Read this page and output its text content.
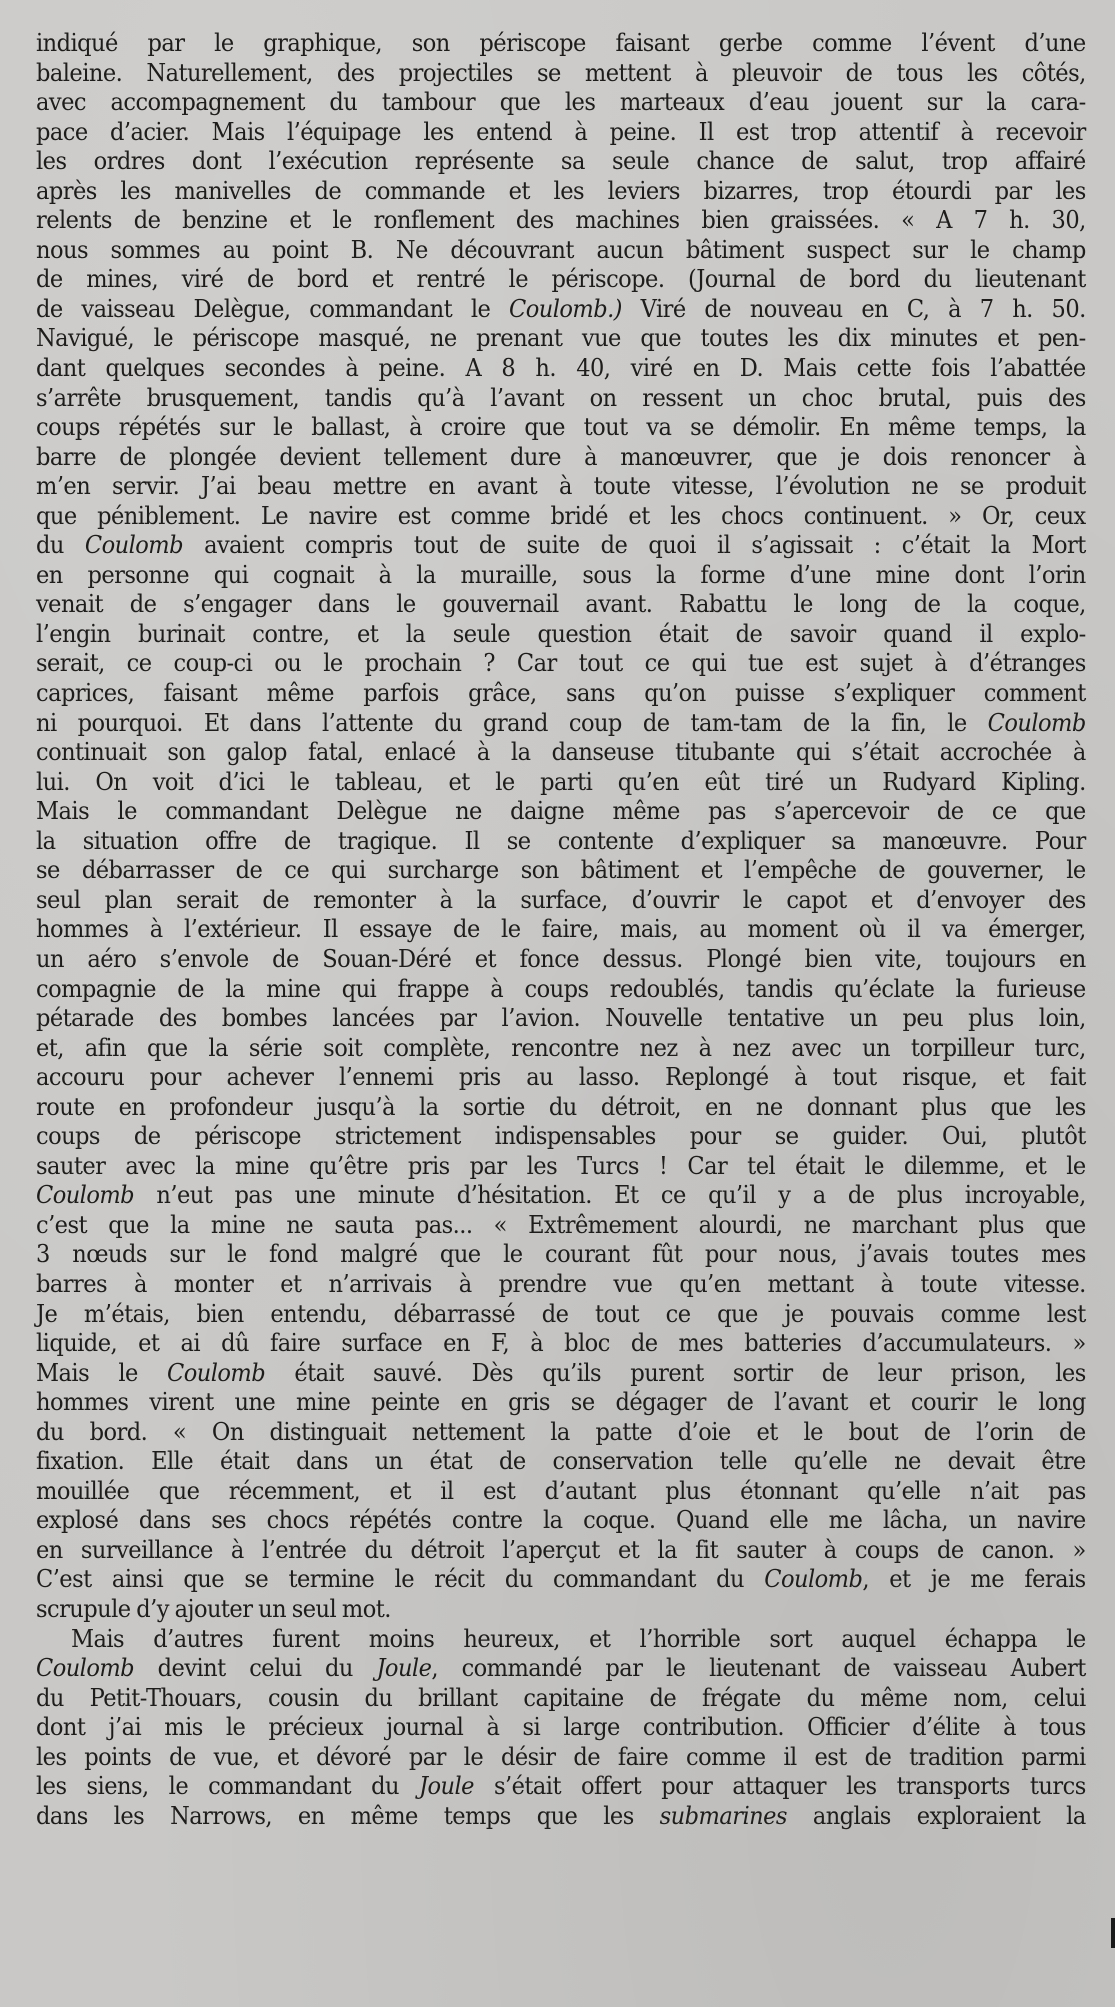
indiqué par le graphique, son périscope faisant gerbe comme l’évent d’une
baleine. Naturellement, des projectiles se mettent à pleuvoir de tous les côtés,
avec accompagnement du tambour que les marteaux d’eau jouent sur la cara-
pace d’acier. Mais l’équipage les entend à peine. Il est trop attentif à recevoir
les ordres dont l’exécution représente sa seule chance de salut, trop affairé
après les manivelles de commande et les leviers bizarres, trop étourdi par les
relents de benzine et le ronflement des machines bien graissées. « A 7 h. 30,
nous sommes au point B. Ne découvrant aucun bâtiment suspect sur le champ
de mines, viré de bord et rentré le périscope. (Journal de bord du lieutenant
de vaisseau Delègue, commandant le Coulomb.) Viré de nouveau en C, à 7 h. 50.
Navigué, le périscope masqué, ne prenant vue que toutes les dix minutes et pen-
dant quelques secondes à peine. A 8 h. 40, viré en D. Mais cette fois l’abattée
s’arrête brusquement, tandis qu’à l’avant on ressent un choc brutal, puis des
coups répétés sur le ballast, à croire que tout va se démolir. En même temps, la
barre de plongée devient tellement dure à manœuvrer, que je dois renoncer à
m’en servir. J’ai beau mettre en avant à toute vitesse, l’évolution ne se produit
que péniblement. Le navire est comme bridé et les chocs continuent. » Or, ceux
du Coulomb avaient compris tout de suite de quoi il s’agissait : c’était la Mort
en personne qui cognait à la muraille, sous la forme d’une mine dont l’orin
venait de s’engager dans le gouvernail avant. Rabattu le long de la coque,
l’engin burinait contre, et la seule question était de savoir quand il explo-
serait, ce coup-ci ou le prochain ? Car tout ce qui tue est sujet à d’étranges
caprices, faisant même parfois grâce, sans qu’on puisse s’expliquer comment
ni pourquoi. Et dans l’attente du grand coup de tam-tam de la fin, le Coulomb
continuait son galop fatal, enlacé à la danseuse titubante qui s’était accrochée à
lui. On voit d’ici le tableau, et le parti qu’en eût tiré un Rudyard Kipling.
Mais le commandant Delègue ne daigne même pas s’apercevoir de ce que
la situation offre de tragique. Il se contente d’expliquer sa manœuvre. Pour
se débarrasser de ce qui surcharge son bâtiment et l’empêche de gouverner, le
seul plan serait de remonter à la surface, d’ouvrir le capot et d’envoyer des
hommes à l’extérieur. Il essaye de le faire, mais, au moment où il va émerger,
un aéro s’envole de Souan-Déré et fonce dessus. Plongé bien vite, toujours en
compagnie de la mine qui frappe à coups redoublés, tandis qu’éclate la furieuse
pétarade des bombes lancées par l’avion. Nouvelle tentative un peu plus loin,
et, afin que la série soit complète, rencontre nez à nez avec un torpilleur turc,
accouru pour achever l’ennemi pris au lasso. Replongé à tout risque, et fait
route en profondeur jusqu’à la sortie du détroit, en ne donnant plus que les
coups de périscope strictement indispensables pour se guider. Oui, plutôt
sauter avec la mine qu’être pris par les Turcs ! Car tel était le dilemme, et le
Coulomb n’eut pas une minute d’hésitation. Et ce qu’il y a de plus incroyable,
c’est que la mine ne sauta pas... « Extrêmement alourdi, ne marchant plus que
3 nœuds sur le fond malgré que le courant fût pour nous, j’avais toutes mes
barres à monter et n’arrivais à prendre vue qu’en mettant à toute vitesse.
Je m’étais, bien entendu, débarrassé de tout ce que je pouvais comme lest
liquide, et ai dû faire surface en F, à bloc de mes batteries d’accumulateurs. »
Mais le Coulomb était sauvé. Dès qu’ils purent sortir de leur prison, les
hommes virent une mine peinte en gris se dégager de l’avant et courir le long
du bord. « On distinguait nettement la patte d’oie et le bout de l’orin de
fixation. Elle était dans un état de conservation telle qu’elle ne devait être
mouillée que récemment, et il est d’autant plus étonnant qu’elle n’ait pas
explosé dans ses chocs répétés contre la coque. Quand elle me lâcha, un navire
en surveillance à l’entrée du détroit l’aperçut et la fit sauter à coups de canon. »
C’est ainsi que se termine le récit du commandant du Coulomb, et je me ferais
scrupule d’y ajouter un seul mot.
Mais d’autres furent moins heureux, et l’horrible sort auquel échappa le
Coulomb devint celui du Joule, commandé par le lieutenant de vaisseau Aubert
du Petit-Thouars, cousin du brillant capitaine de frégate du même nom, celui
dont j’ai mis le précieux journal à si large contribution. Officier d’élite à tous
les points de vue, et dévoré par le désir de faire comme il est de tradition parmi
les siens, le commandant du Joule s’était offert pour attaquer les transports turcs
dans les Narrows, en même temps que les submarines anglais exploraient la
